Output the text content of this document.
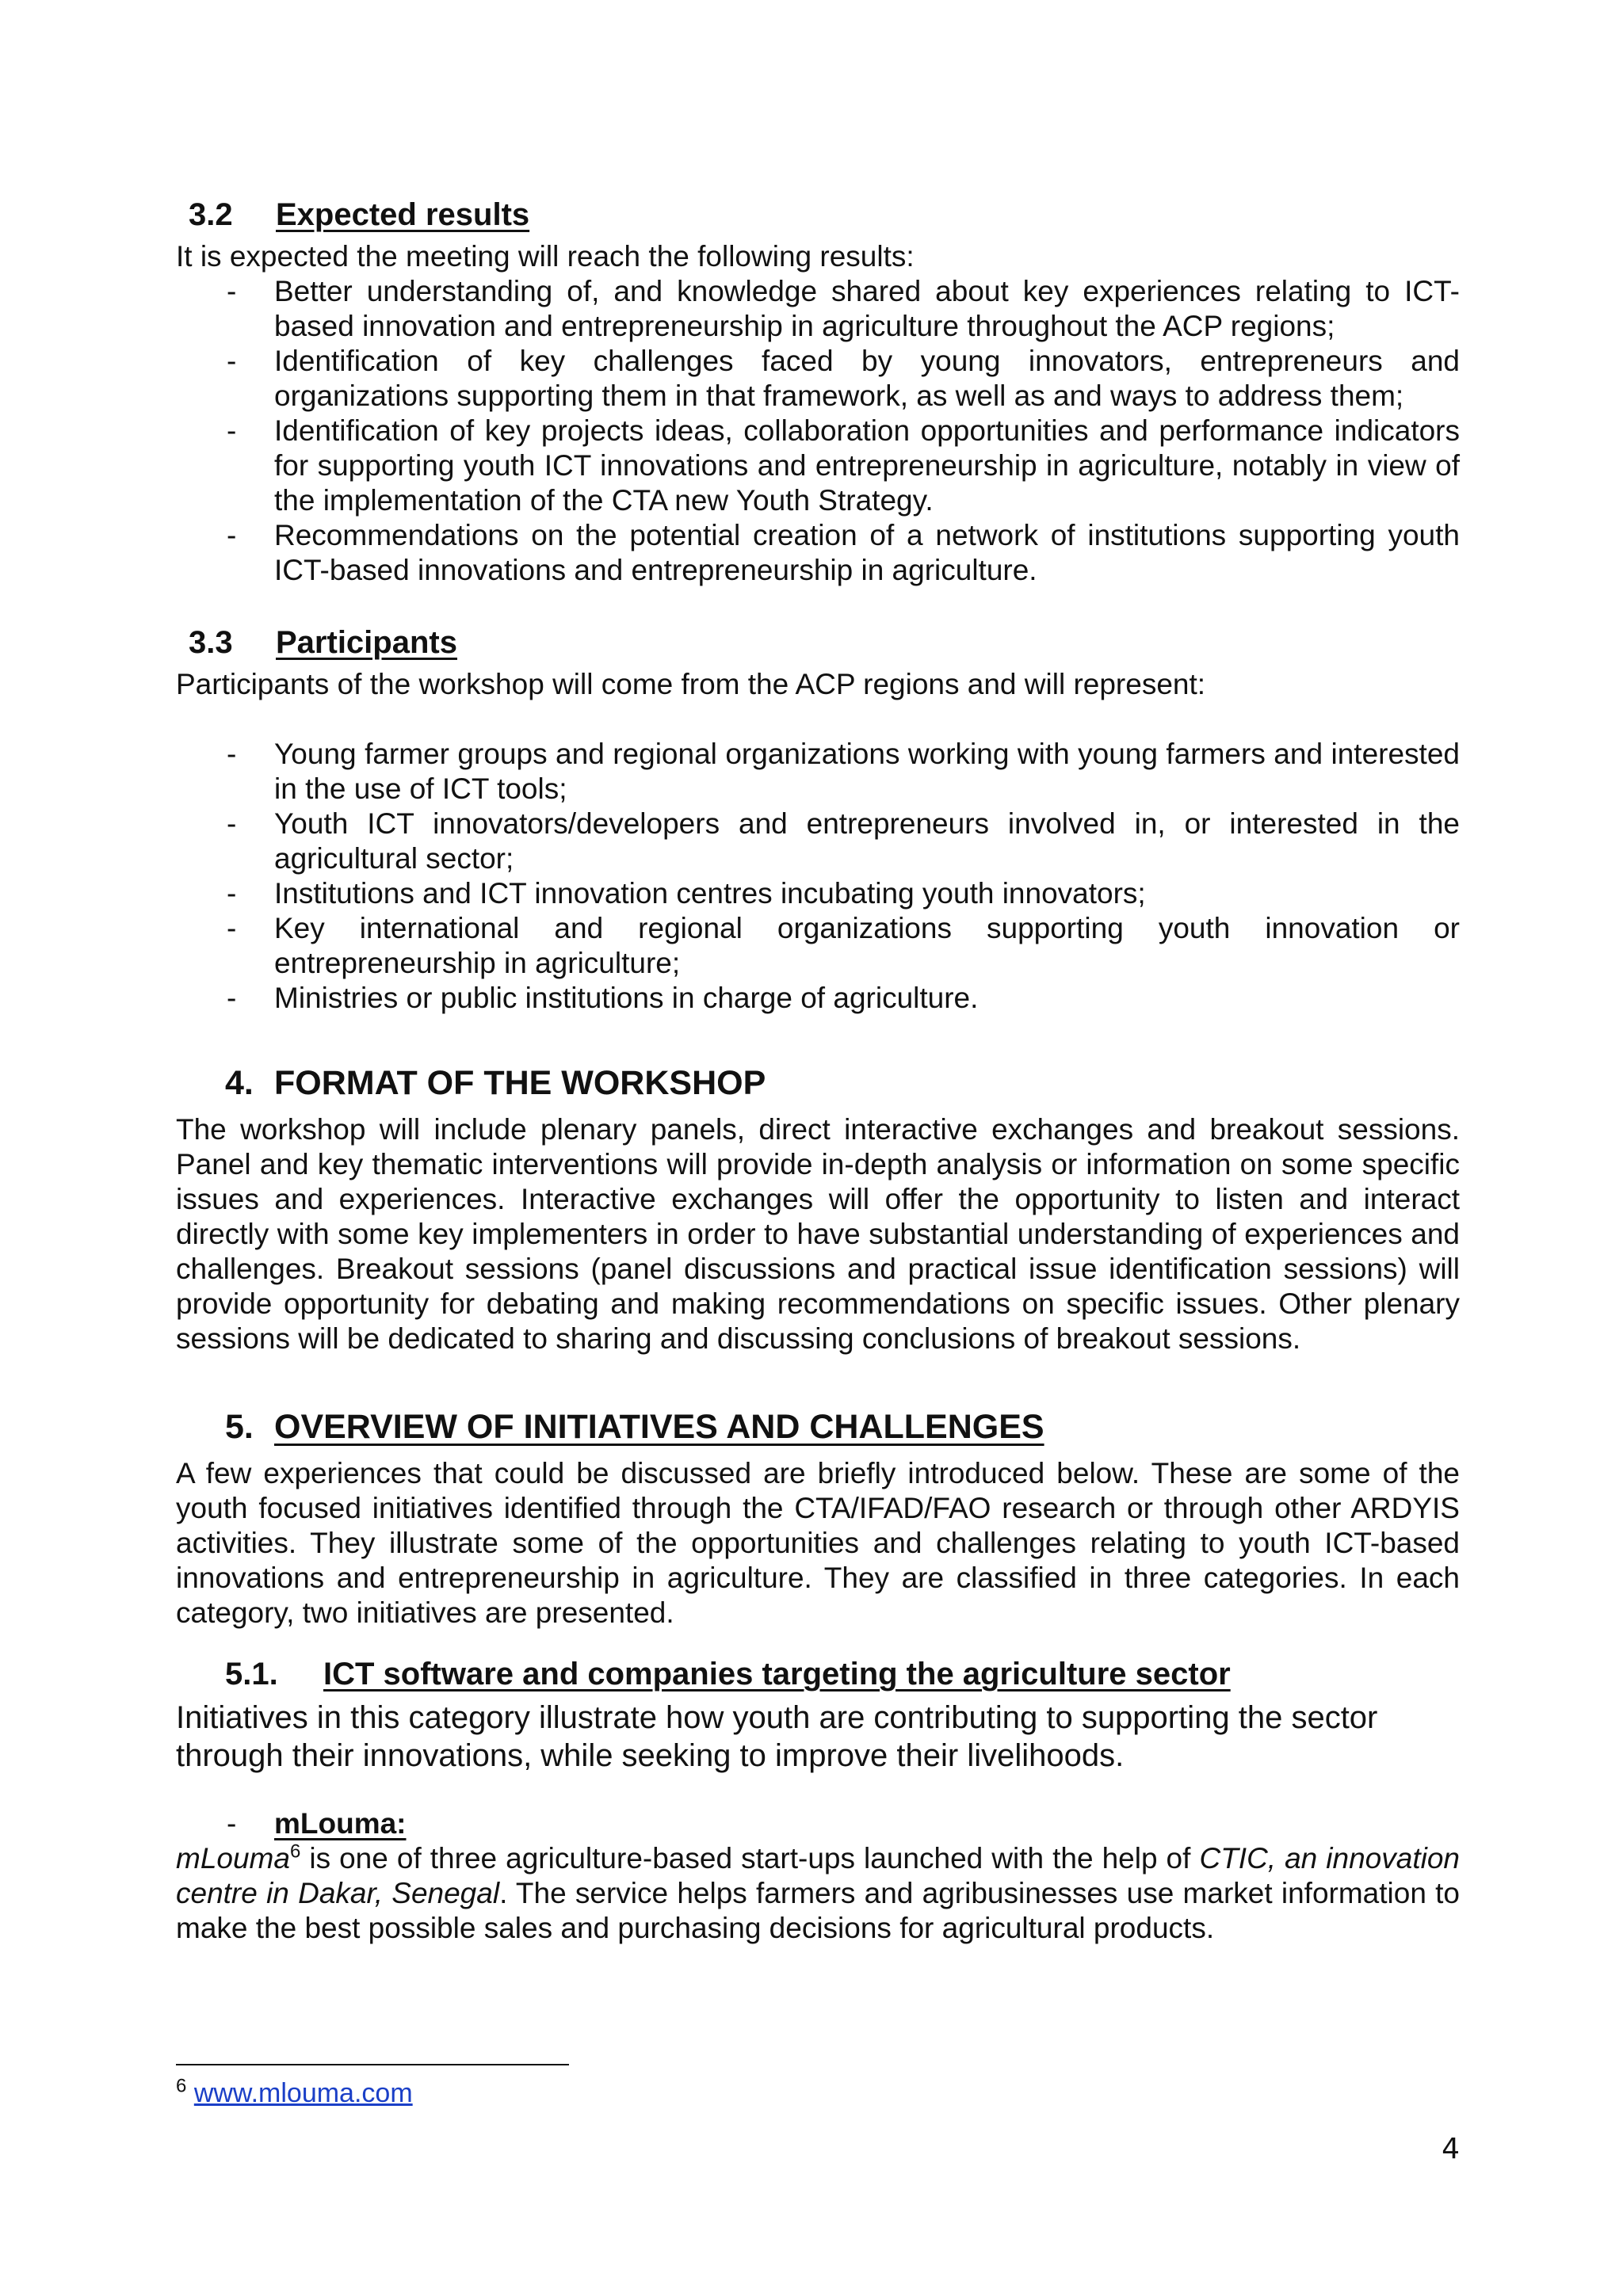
3.2	Expected results

It is expected the meeting will reach the following results:

- Better understanding of, and knowledge shared about key experiences relating to ICT-based innovation and entrepreneurship in agriculture throughout the ACP regions;
- Identification of key challenges faced by young innovators, entrepreneurs and organizations supporting them in that framework, as well as and ways to address them;
- Identification of key projects ideas, collaboration opportunities and performance indicators for supporting youth ICT innovations and entrepreneurship in agriculture, notably in view of the implementation of the CTA new Youth Strategy.
- Recommendations on the potential creation of a network of institutions supporting youth ICT-based innovations and entrepreneurship in agriculture.
3.3	Participants

Participants of the workshop will come from the ACP regions and will represent:

- Young farmer groups and regional organizations working with young farmers and interested in the use of ICT tools;
- Youth ICT innovators/developers and entrepreneurs involved in, or interested in the agricultural sector;
- Institutions and ICT innovation centres incubating youth innovators;
- Key international and regional organizations supporting youth innovation or entrepreneurship in agriculture;
- Ministries or public institutions in charge of agriculture.
4. FORMAT OF THE WORKSHOP

The workshop will include plenary panels, direct interactive exchanges and breakout sessions. Panel and key thematic interventions will provide in-depth analysis or information on some specific issues and experiences. Interactive exchanges will offer the opportunity to listen and interact directly with some key implementers in order to have substantial understanding of experiences and challenges. Breakout sessions (panel discussions and practical issue identification sessions) will provide opportunity for debating and making recommendations on specific issues. Other plenary sessions will be dedicated to sharing and discussing conclusions of breakout sessions.

5. OVERVIEW OF INITIATIVES AND CHALLENGES

A few experiences that could be discussed are briefly introduced below. These are some of the youth focused initiatives identified through the CTA/IFAD/FAO research or through other ARDYIS activities. They illustrate some of the opportunities and challenges relating to youth ICT-based innovations and entrepreneurship in agriculture. They are classified in three categories. In each category, two initiatives are presented.

5.1.	ICT software and companies targeting the agriculture sector

Initiatives in this category illustrate how youth are contributing to supporting the sector through their innovations, while seeking to improve their livelihoods.

- mLouma:

mLouma$^6$ is one of three agriculture-based start-ups launched with the help of CTIC, an innovation centre in Dakar, Senegal. The service helps farmers and agribusinesses use market information to make the best possible sales and purchasing decisions for agricultural products.

$^6$ www.mlouma.com
4
